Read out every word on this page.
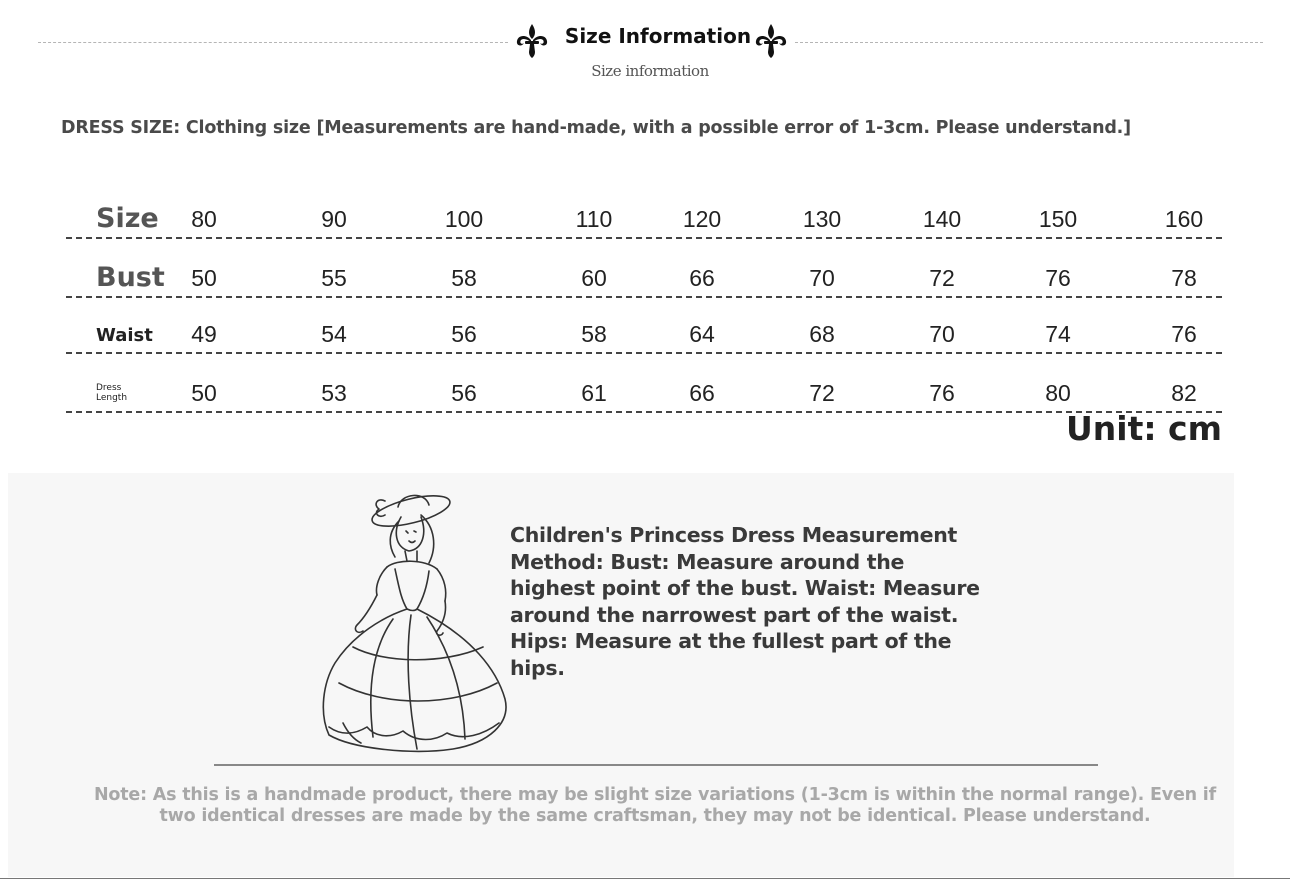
Size Information
Size information
DRESS SIZE: Clothing size [Measurements are hand-made, with a possible error of 1-3cm. Please understand.]
Size	80	90	100	110	120	130	140	150	160
Bust	50	55	58	60	66	70	72	76	78
Waist	49	54	56	58	64	68	70	74	76
Dress
Length	50	53	56	61	66	72	76	80	82
Unit: cm
Children's Princess Dress Measurement Method: Bust: Measure around the highest point of the bust. Waist: Measure around the narrowest part of the waist. Hips: Measure at the fullest part of the hips.
Note: As this is a handmade product, there may be slight size variations (1-3cm is within the normal range). Even if
two identical dresses are made by the same craftsman, they may not be identical. Please understand.
